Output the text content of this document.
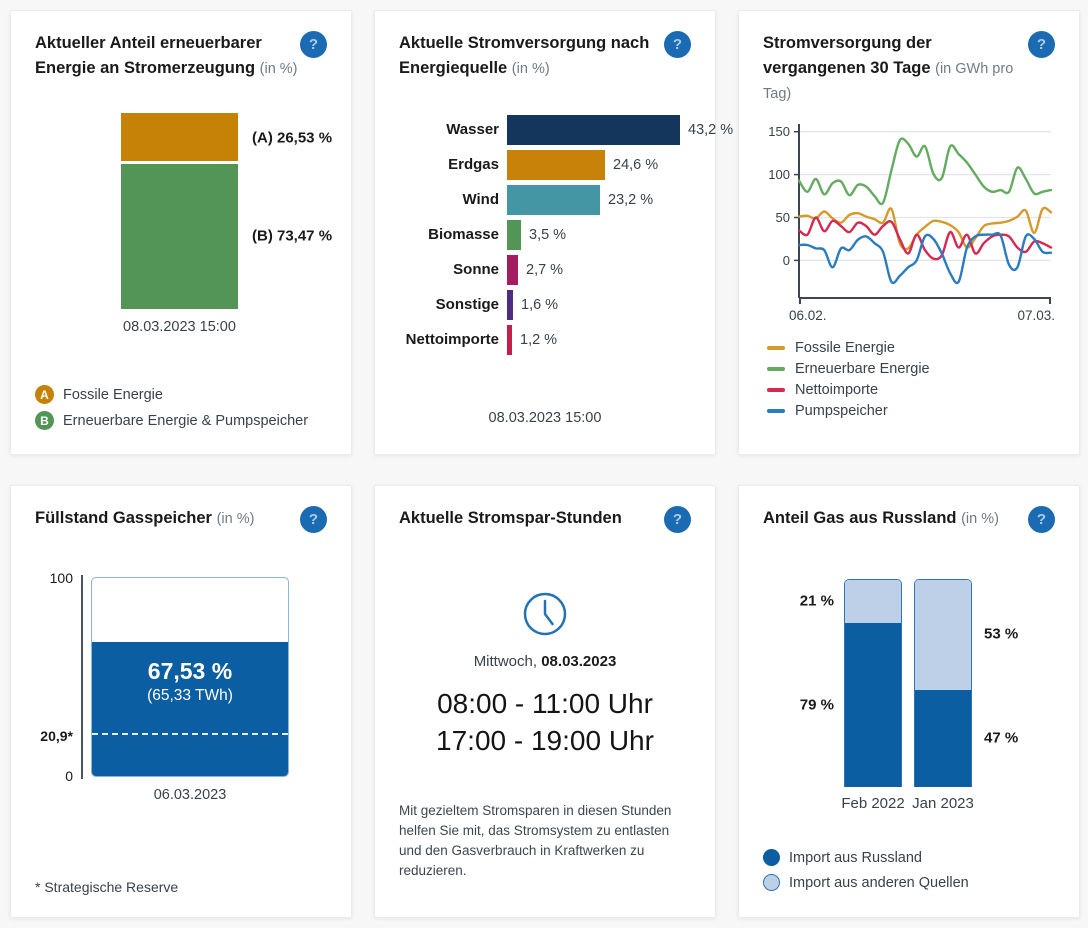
Aktueller Anteil erneuerbarer Energie an Stromerzeugung (in %)
?
(A) 26,53 %
(B) 73,47 %
08.03.2023 15:00
A Fossile Energie
B Erneuerbare Energie & Pumpspeicher
Aktuelle Stromversorgung nach Energiequelle (in %)
?
Wasser	43,2 %
Erdgas	24,6 %
Wind	23,2 %
Biomasse	3,5 %
Sonne	2,7 %
Sonstige	1,6 %
Nettoimporte	1,2 %
08.03.2023 15:00
Stromversorgung der vergangenen 30 Tage (in GWh pro Tag)
?
0
50
100
150
06.02.	07.03.
Fossile Energie
Erneuerbare Energie
Nettoimporte
Pumpspeicher
Füllstand Gasspeicher (in %)	?
100
20,9*
0
67,53 %
(65,33 TWh)
06.03.2023
* Strategische Reserve
Aktuelle Stromspar-Stunden	?
Mittwoch, 08.03.2023
08:00 - 11:00 Uhr
17:00 - 19:00 Uhr

Mit gezieltem Stromsparen in diesen Stunden helfen Sie mit, das Stromsystem zu entlasten und den Gasverbrauch in Kraftwerken zu reduzieren.

Anteil Gas aus Russland (in %)	?
21 %
79 %
53 %
47 %
Feb 2022 Jan 2023
Import aus Russland
Import aus anderen Quellen
